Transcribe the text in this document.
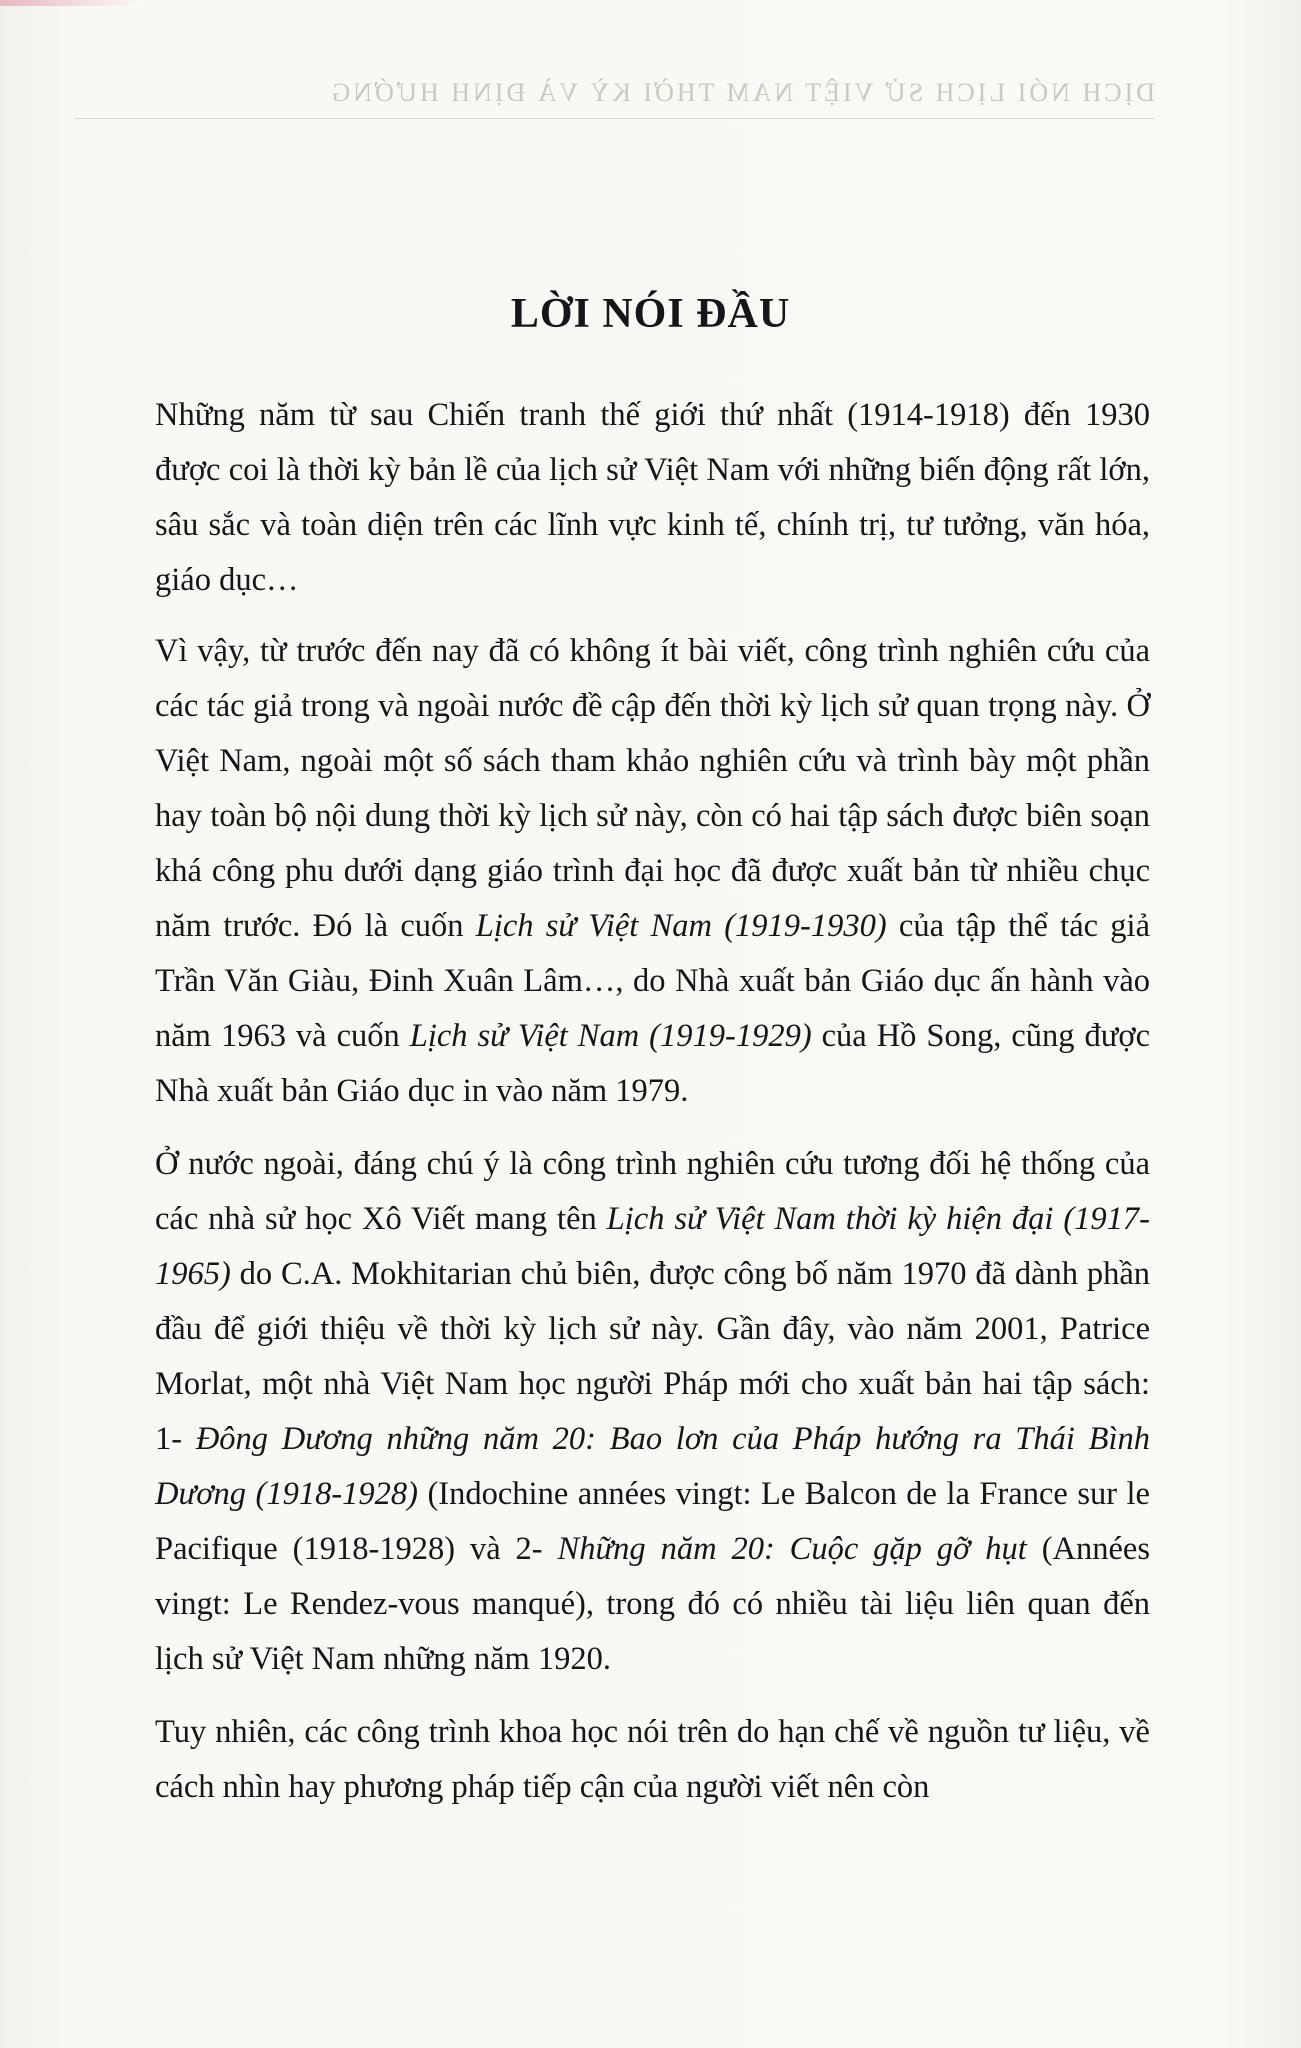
DỊCH NÓI LỊCH SỬ VIỆT NAM THỜI KỲ VÀ ĐỊNH HƯỚNG
LỜI NÓI ĐẦU

Những năm từ sau Chiến tranh thế giới thứ nhất (1914-1918) đến 1930 được coi là thời kỳ bản lề của lịch sử Việt Nam với những biến động rất lớn, sâu sắc và toàn diện trên các lĩnh vực kinh tế, chính trị, tư tưởng, văn hóa, giáo dục…

Vì vậy, từ trước đến nay đã có không ít bài viết, công trình nghiên cứu của các tác giả trong và ngoài nước đề cập đến thời kỳ lịch sử quan trọng này. Ở Việt Nam, ngoài một số sách tham khảo nghiên cứu và trình bày một phần hay toàn bộ nội dung thời kỳ lịch sử này, còn có hai tập sách được biên soạn khá công phu dưới dạng giáo trình đại học đã được xuất bản từ nhiều chục năm trước. Đó là cuốn Lịch sử Việt Nam (1919-1930) của tập thể tác giả Trần Văn Giàu, Đinh Xuân Lâm…, do Nhà xuất bản Giáo dục ấn hành vào năm 1963 và cuốn Lịch sử Việt Nam (1919-1929) của Hồ Song, cũng được Nhà xuất bản Giáo dục in vào năm 1979.

Ở nước ngoài, đáng chú ý là công trình nghiên cứu tương đối hệ thống của các nhà sử học Xô Viết mang tên Lịch sử Việt Nam thời kỳ hiện đại (1917-1965) do C.A. Mokhitarian chủ biên, được công bố năm 1970 đã dành phần đầu để giới thiệu về thời kỳ lịch sử này. Gần đây, vào năm 2001, Patrice Morlat, một nhà Việt Nam học người Pháp mới cho xuất bản hai tập sách: 1- Đông Dương những năm 20: Bao lơn của Pháp hướng ra Thái Bình Dương (1918-1928) (Indochine années vingt: Le Balcon de la France sur le Pacifique (1918-1928) và 2- Những năm 20: Cuộc gặp gỡ hụt (Années vingt: Le Rendez-vous manqué), trong đó có nhiều tài liệu liên quan đến lịch sử Việt Nam những năm 1920.

Tuy nhiên, các công trình khoa học nói trên do hạn chế về nguồn tư liệu, về cách nhìn hay phương pháp tiếp cận của người viết nên còn
